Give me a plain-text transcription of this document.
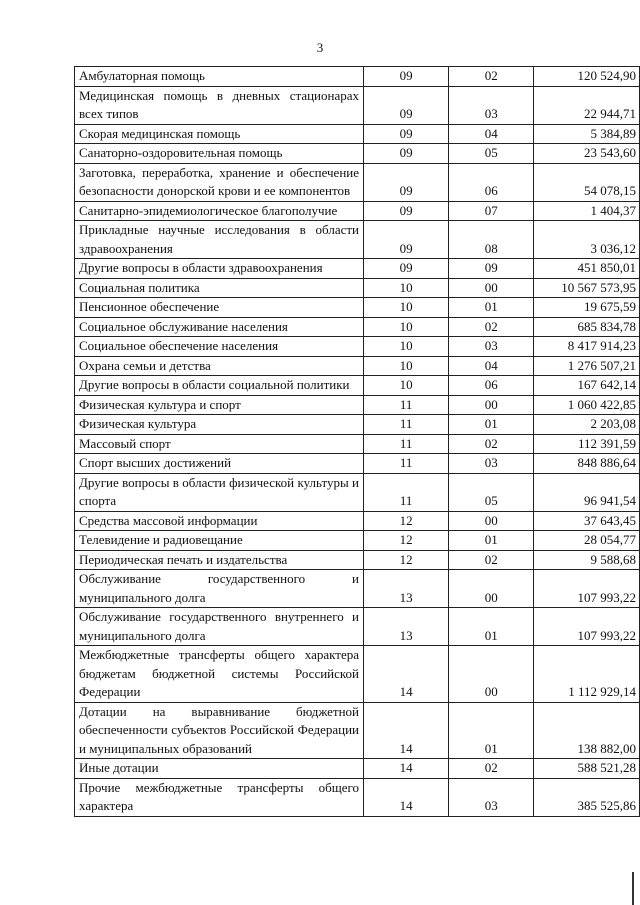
3
Амбулаторная помощь	09	02	120 524,90
Медицинская помощь в дневных стационарах всех типов	09	03	22 944,71
Скорая медицинская помощь	09	04	5 384,89
Санаторно-оздоровительная помощь	09	05	23 543,60
Заготовка, переработка, хранение и обеспечение безопасности донорской крови и ее компонентов	09	06	54 078,15
Санитарно-эпидемиологическое благополучие	09	07	1 404,37
Прикладные научные исследования в области здравоохранения	09	08	3 036,12
Другие вопросы в области здравоохранения	09	09	451 850,01
Социальная политика	10	00	10 567 573,95
Пенсионное обеспечение	10	01	19 675,59
Социальное обслуживание населения	10	02	685 834,78
Социальное обеспечение населения	10	03	8 417 914,23
Охрана семьи и детства	10	04	1 276 507,21
Другие вопросы в области социальной политики	10	06	167 642,14
Физическая культура и спорт	11	00	1 060 422,85
Физическая культура	11	01	2 203,08
Массовый спорт	11	02	112 391,59
Спорт высших достижений	11	03	848 886,64
Другие вопросы в области физической культуры и спорта	11	05	96 941,54
Средства массовой информации	12	00	37 643,45
Телевидение и радиовещание	12	01	28 054,77
Периодическая печать и издательства	12	02	9 588,68
Обслуживание государственного и муниципального долга	13	00	107 993,22
Обслуживание государственного внутреннего и муниципального долга	13	01	107 993,22
Межбюджетные трансферты общего характера бюджетам бюджетной системы Российской Федерации	14	00	1 112 929,14
Дотации на выравнивание бюджетной обеспеченности субъектов Российской Федерации и муниципальных образований	14	01	138 882,00
Иные дотации	14	02	588 521,28
Прочие межбюджетные трансферты общего характера	14	03	385 525,86
